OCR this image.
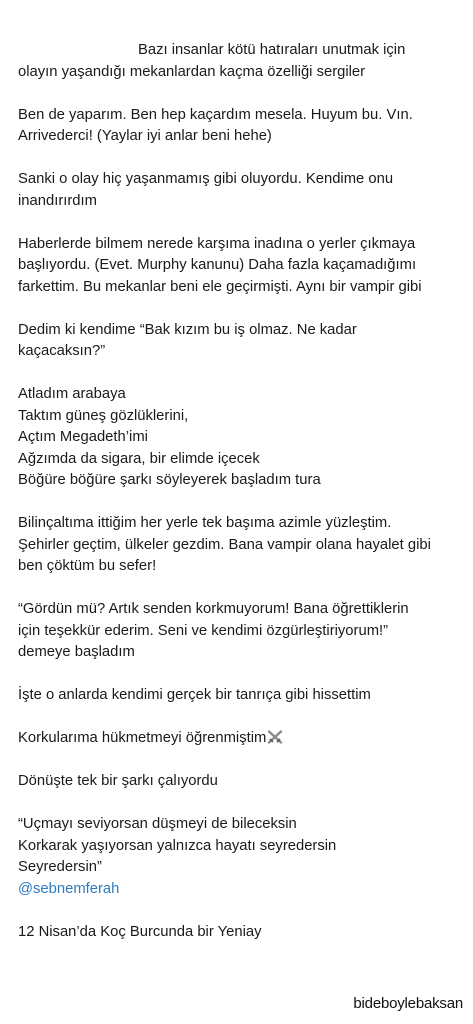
Bazı insanlar kötü hatıraları unutmak için
olayın yaşandığı mekanlardan kaçma özelliği sergiler

Ben de yaparım. Ben hep kaçardım mesela. Huyum bu. Vın.
Arrivederci! (Yaylar iyi anlar beni hehe)

Sanki o olay hiç yaşanmamış gibi oluyordu. Kendime onu
inandırırdım

Haberlerde bilmem nerede karşıma inadına o yerler çıkmaya
başlıyordu. (Evet. Murphy kanunu) Daha fazla kaçamadığımı
farkettim. Bu mekanlar beni ele geçirmişti. Aynı bir vampir gibi

Dedim ki kendime “Bak kızım bu iş olmaz. Ne kadar
kaçacaksın?”

Atladım arabaya
Taktım güneş gözlüklerini,
Açtım Megadeth’imi
Ağzımda da sigara, bir elimde içecek
Böğüre böğüre şarkı söyleyerek başladım tura

Bilinçaltıma ittiğim her yerle tek başıma azimle yüzleştim.
Şehirler geçtim, ülkeler gezdim. Bana vampir olana hayalet gibi
ben çöktüm bu sefer!

“Gördün mü? Artık senden korkmuyorum! Bana öğrettiklerin
için teşekkür ederim. Seni ve kendimi özgürleştiriyorum!”
demeye başladım

İşte o anlarda kendimi gerçek bir tanrıça gibi hissettim

Korkularıma hükmetmeyi öğrenmiştim

Dönüşte tek bir şarkı çalıyordu

“Uçmayı seviyorsan düşmeyi de bileceksin
Korkarak yaşıyorsan yalnızca hayatı seyredersin
Seyredersin”

@sebnemferah

12 Nisan’da Koç Burcunda bir Yeniay

bideboylebaksan
